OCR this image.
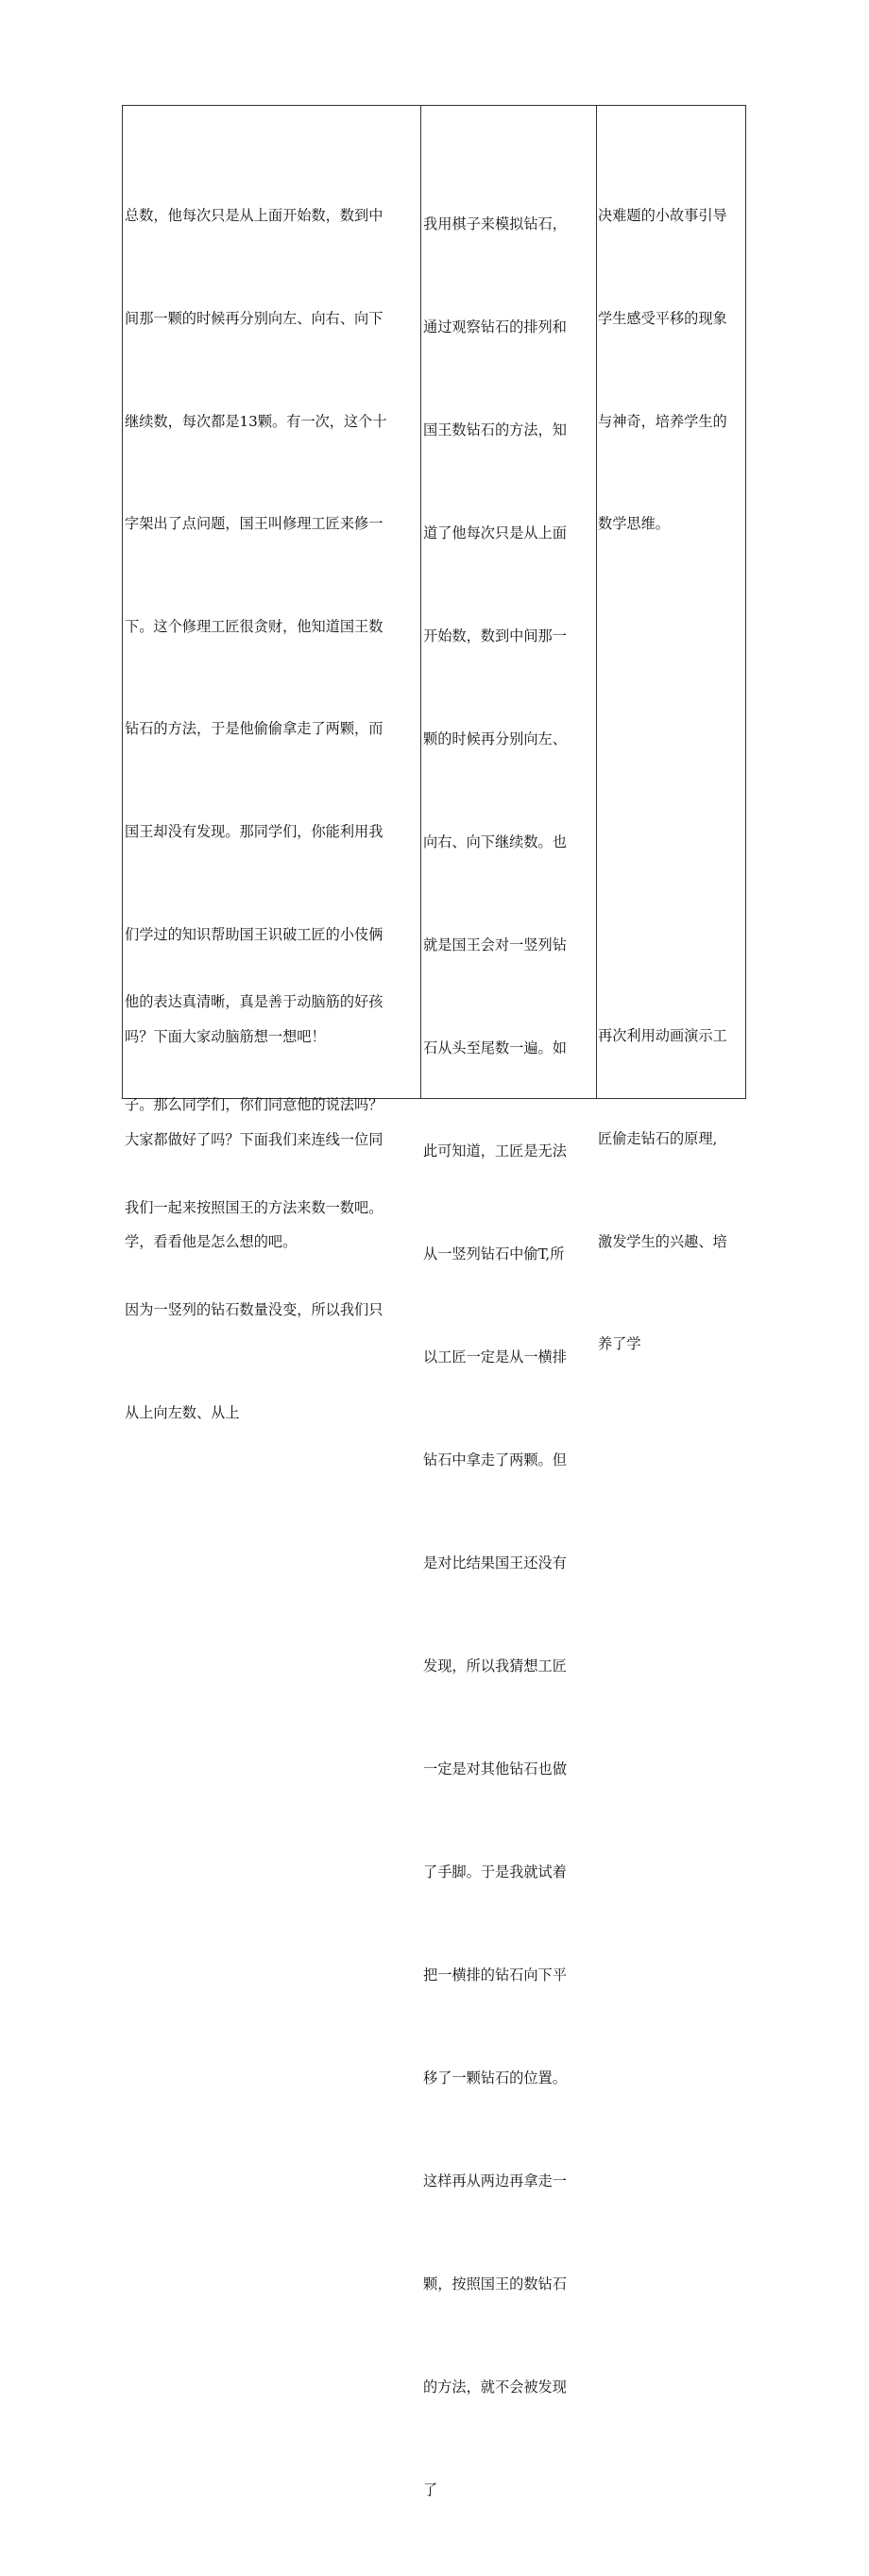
总数，他每次只是从上面开始数，数到中

间那一颗的时候再分别向左、向右、向下

继续数，每次都是13颗。有一次，这个十

字架出了点问题，国王叫修理工匠来修一

下。这个修理工匠很贪财，他知道国王数

钻石的方法，于是他偷偷拿走了两颗，而

国王却没有发现。那同学们，你能利用我

们学过的知识帮助国王识破工匠的小伎俩

吗？下面大家动脑筋想一想吧！

大家都做好了吗？下面我们来连线一位同

学，看看他是怎么想的吧。

他的表达真清晰，真是善于动脑筋的好孩

子。那么同学们，你们同意他的说法吗？

我们一起来按照国王的方法来数一数吧。

因为一竖列的钻石数量没变，所以我们只

从上向左数、从上

我用棋子来模拟钻石，

通过观察钻石的排列和

国王数钻石的方法，知

道了他每次只是从上面

开始数，数到中间那一

颗的时候再分别向左、

向右、向下继续数。也

就是国王会对一竖列钻

石从头至尾数一遍。如

此可知道，工匠是无法

从一竖列钻石中偷T,所

以工匠一定是从一横排

钻石中拿走了两颗。但

是对比结果国王还没有

发现，所以我猜想工匠

一定是对其他钻石也做

了手脚。于是我就试着

把一横排的钻石向下平

移了一颗钻石的位置。

这样再从两边再拿走一

颗，按照国王的数钻石

的方法，就不会被发现

了

决难题的小故事引导

学生感受平移的现象

与神奇，培养学生的

数学思维。

再次利用动画演示工

匠偷走钻石的原理,

激发学生的兴趣、培

养了学
